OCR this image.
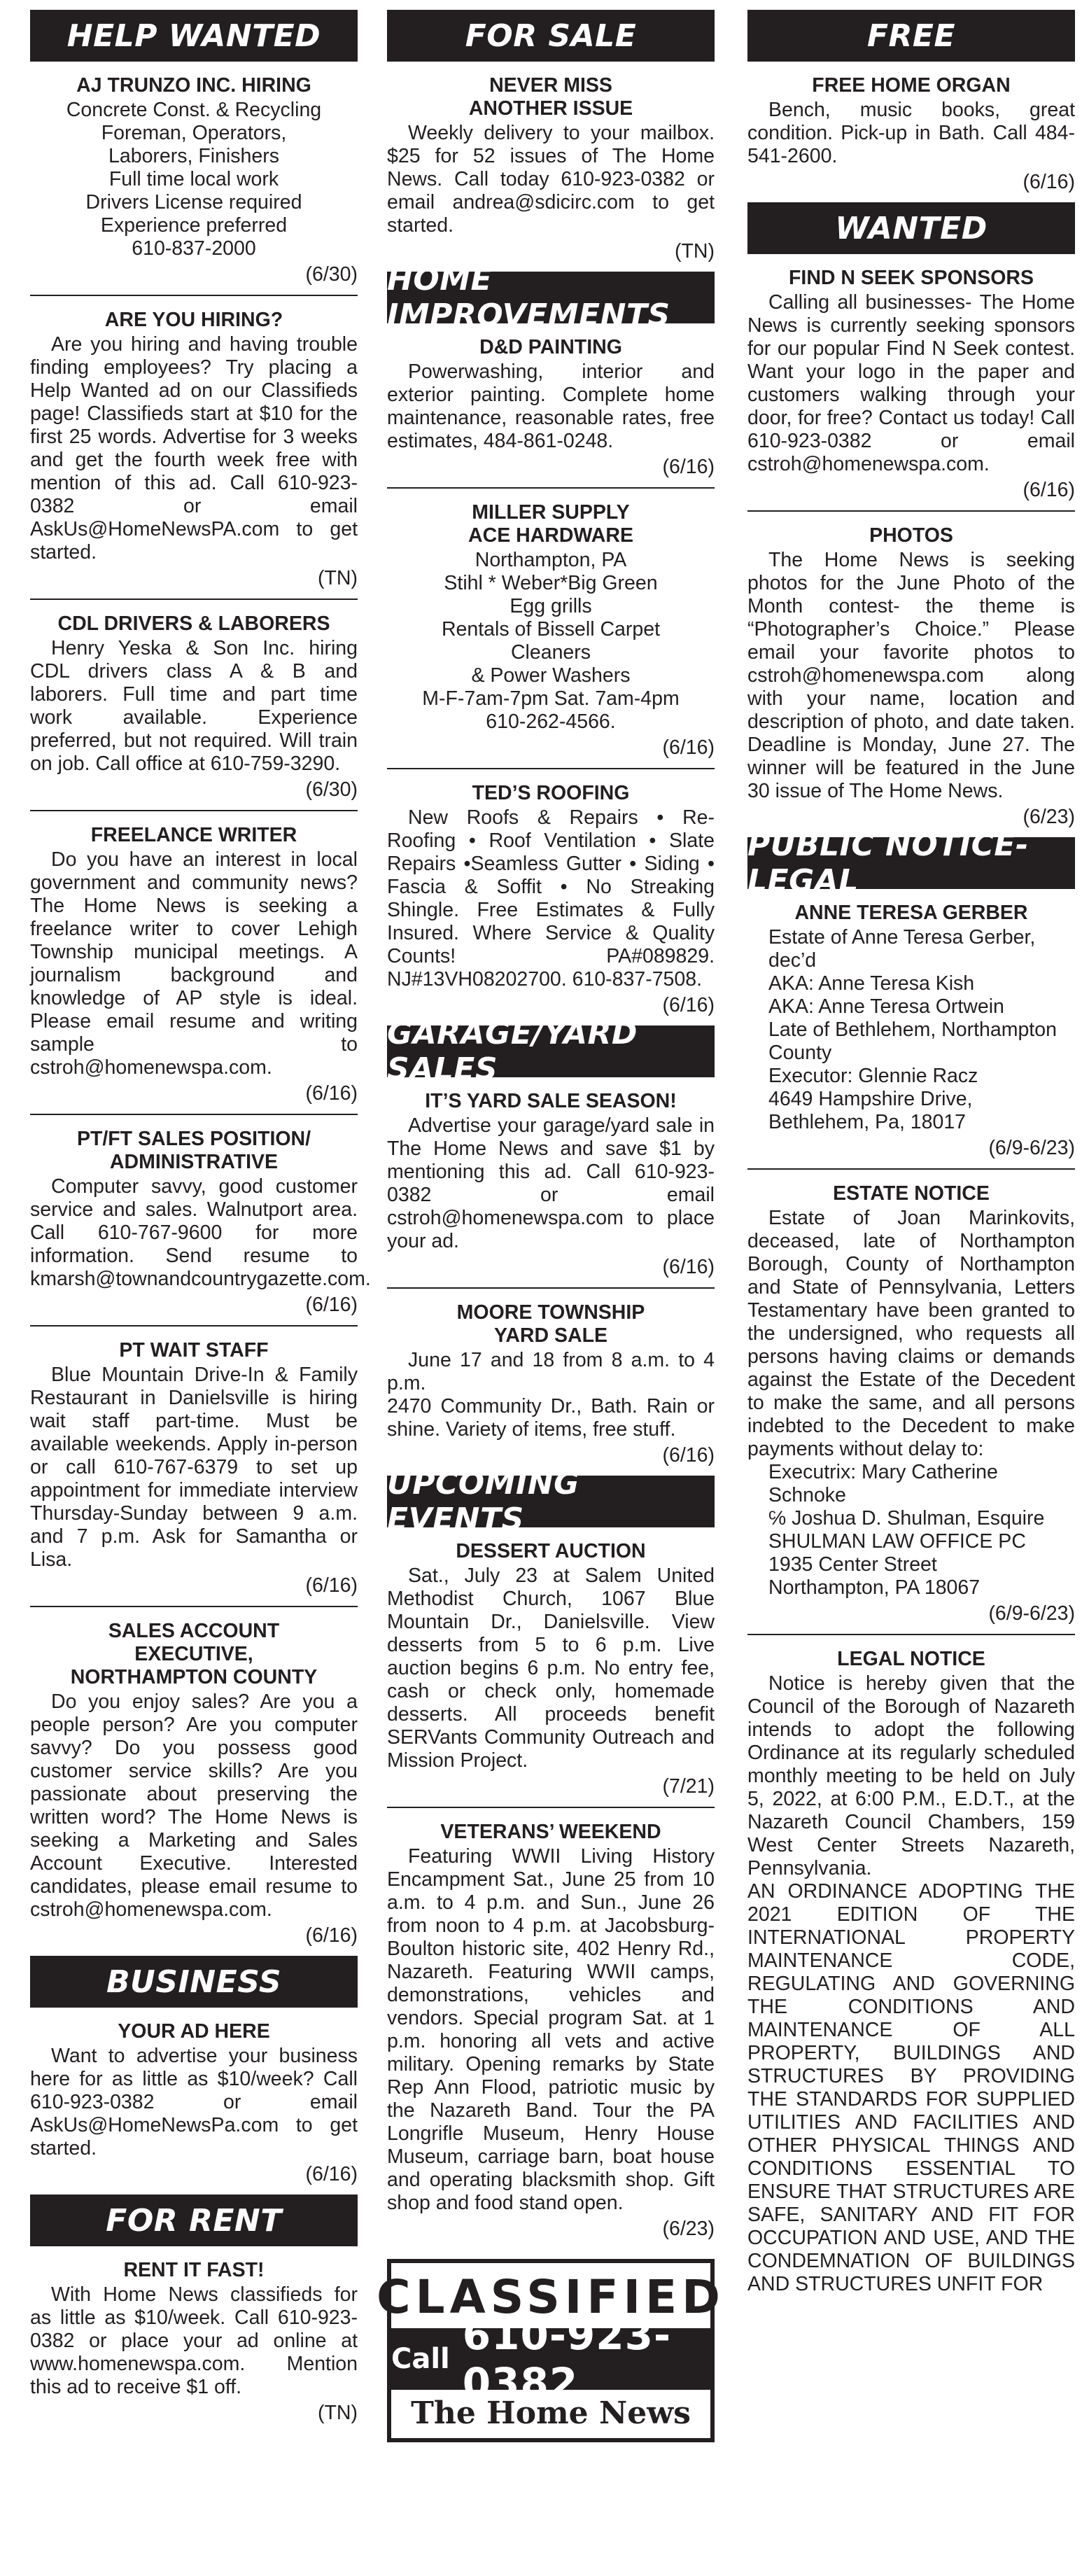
HELP WANTED
AJ TRUNZO INC. HIRING

Concrete Const. & Recycling
Foreman, Operators,
Laborers, Finishers
Full time local work
Drivers License required
Experience preferred
610-837-2000

(6/30)
ARE YOU HIRING?

Are you hiring and having trouble finding employees? Try placing a Help Wanted ad on our Classifieds page! Classifieds start at $10 for the first 25 words. Advertise for 3 weeks and get the fourth week free with mention of this ad. Call 610-923-0382 or email AskUs@HomeNewsPA.com to get started.

(TN)
CDL DRIVERS & LABORERS

Henry Yeska & Son Inc. hiring CDL drivers class A & B and laborers. Full time and part time work available. Experience preferred, but not required. Will train on job. Call office at 610-759-3290.

(6/30)
FREELANCE WRITER

Do you have an interest in local government and community news? The Home News is seeking a freelance writer to cover Lehigh Township municipal meetings. A journalism background and knowledge of AP style is ideal. Please email resume and writing sample to cstroh@homenewspa.com.

(6/16)
PT/FT SALES POSITION/
ADMINISTRATIVE

Computer savvy, good customer service and sales. Walnutport area. Call 610-767-9600 for more information. Send resume to kmarsh@townandcountrygazette.com.

(6/16)
PT WAIT STAFF

Blue Mountain Drive-In & Family Restaurant in Danielsville is hiring wait staff part-time. Must be available weekends. Apply in-person or call 610-767-6379 to set up appointment for immediate interview Thursday-Sunday between 9 a.m. and 7 p.m. Ask for Samantha or Lisa.

(6/16)
SALES ACCOUNT
EXECUTIVE,
NORTHAMPTON COUNTY

Do you enjoy sales? Are you a people person? Are you computer savvy? Do you possess good customer service skills? Are you passionate about preserving the written word? The Home News is seeking a Marketing and Sales Account Executive. Interested candidates, please email resume to cstroh@homenewspa.com.

(6/16)
BUSINESS
YOUR AD HERE

Want to advertise your business here for as little as $10/week? Call 610-923-0382 or email AskUs@HomeNewsPa.com to get started.

(6/16)
FOR RENT
RENT IT FAST!

With Home News classifieds for as little as $10/week. Call 610-923-0382 or place your ad online at www.homenewspa.com. Mention this ad to receive $1 off.

(TN)
FOR SALE
NEVER MISS
ANOTHER ISSUE

Weekly delivery to your mailbox. $25 for 52 issues of The Home News. Call today 610-923-0382 or email andrea@sdicirc.com to get started.

(TN)
HOME IMPROVEMENTS
D&D PAINTING

Powerwashing, interior and exterior painting. Complete home maintenance, reasonable rates, free estimates, 484-861-0248.

(6/16)
MILLER SUPPLY
ACE HARDWARE

Northampton, PA
Stihl * Weber*Big Green
Egg grills
Rentals of Bissell Carpet
Cleaners
& Power Washers
M-F-7am-7pm Sat. 7am-4pm
610-262-4566.

(6/16)
TED’S ROOFING

New Roofs & Repairs • Re-Roofing • Roof Ventilation • Slate Repairs •Seamless Gutter • Siding • Fascia & Soffit • No Streaking Shingle. Free Estimates & Fully Insured. Where Service & Quality Counts! PA#089829. NJ#13VH08202700. 610-837-7508.

(6/16)
GARAGE/YARD SALES
IT’S YARD SALE SEASON!

Advertise your garage/yard sale in The Home News and save $1 by mentioning this ad. Call 610-923-0382 or email cstroh@homenewspa.com to place your ad.

(6/16)
MOORE TOWNSHIP
YARD SALE

June 17 and 18 from 8 a.m. to 4 p.m.
2470 Community Dr., Bath. Rain or shine. Variety of items, free stuff.

(6/16)
UPCOMING EVENTS
DESSERT AUCTION

Sat., July 23 at Salem United Methodist Church, 1067 Blue Mountain Dr., Danielsville. View desserts from 5 to 6 p.m. Live auction begins 6 p.m. No entry fee, cash or check only, homemade desserts. All proceeds benefit SERVants Community Outreach and Mission Project.

(7/21)
VETERANS’ WEEKEND

Featuring WWII Living History Encampment Sat., June 25 from 10 a.m. to 4 p.m. and Sun., June 26 from noon to 4 p.m. at Jacobsburg-Boulton historic site, 402 Henry Rd., Nazareth. Featuring WWII camps, demonstrations, vehicles and vendors. Special program Sat. at 1 p.m. honoring all vets and active military. Opening remarks by State Rep Ann Flood, patriotic music by the Nazareth Band. Tour the PA Longrifle Museum, Henry House Museum, carriage barn, boat house and operating blacksmith shop. Gift shop and food stand open.

(6/23)
CLASSIFIED
Call 610-923-0382
The Home News
FREE
FREE HOME ORGAN

Bench, music books, great condition. Pick-up in Bath. Call 484-541-2600.

(6/16)
WANTED
FIND N SEEK SPONSORS

Calling all businesses- The Home News is currently seeking sponsors for our popular Find N Seek contest. Want your logo in the paper and customers walking through your door, for free? Contact us today! Call 610-923-0382 or email cstroh@homenewspa.com.

(6/16)
PHOTOS

The Home News is seeking photos for the June Photo of the Month contest- the theme is “Photographer’s Choice.” Please email your favorite photos to cstroh@homenewspa.com along with your name, location and description of photo, and date taken. Deadline is Monday, June 27. The winner will be featured in the June 30 issue of The Home News.

(6/23)
PUBLIC NOTICE-LEGAL
ANNE TERESA GERBER

Estate of Anne Teresa Gerber, dec’d
AKA: Anne Teresa Kish
AKA: Anne Teresa Ortwein
Late of Bethlehem, Northampton County
Executor: Glennie Racz
4649 Hampshire Drive,
Bethlehem, Pa, 18017

(6/9-6/23)
ESTATE NOTICE

Estate of Joan Marinkovits, deceased, late of Northampton Borough, County of Northampton and State of Pennsylvania, Letters Testamentary have been granted to the undersigned, who requests all persons having claims or demands against the Estate of the Decedent to make the same, and all persons indebted to the Decedent to make payments without delay to:

Executrix: Mary Catherine Schnoke
℅ Joshua D. Shulman, Esquire
SHULMAN LAW OFFICE PC
1935 Center Street
Northampton, PA 18067

(6/9-6/23)
LEGAL NOTICE

Notice is hereby given that the Council of the Borough of Nazareth intends to adopt the following Ordinance at its regularly scheduled monthly meeting to be held on July 5, 2022, at 6:00 P.M., E.D.T., at the Nazareth Council Chambers, 159 West Center Streets Nazareth, Pennsylvania.
AN ORDINANCE ADOPTING THE 2021 EDITION OF THE INTERNATIONAL PROPERTY MAINTENANCE CODE, REGULATING AND GOVERNING THE CONDITIONS AND MAINTENANCE OF ALL PROPERTY, BUILDINGS AND STRUCTURES BY PROVIDING THE STANDARDS FOR SUPPLIED UTILITIES AND FACILITIES AND OTHER PHYSICAL THINGS AND CONDITIONS ESSENTIAL TO ENSURE THAT STRUCTURES ARE SAFE, SANITARY AND FIT FOR OCCUPATION AND USE, AND THE CONDEMNATION OF BUILDINGS AND STRUCTURES UNFIT FOR
